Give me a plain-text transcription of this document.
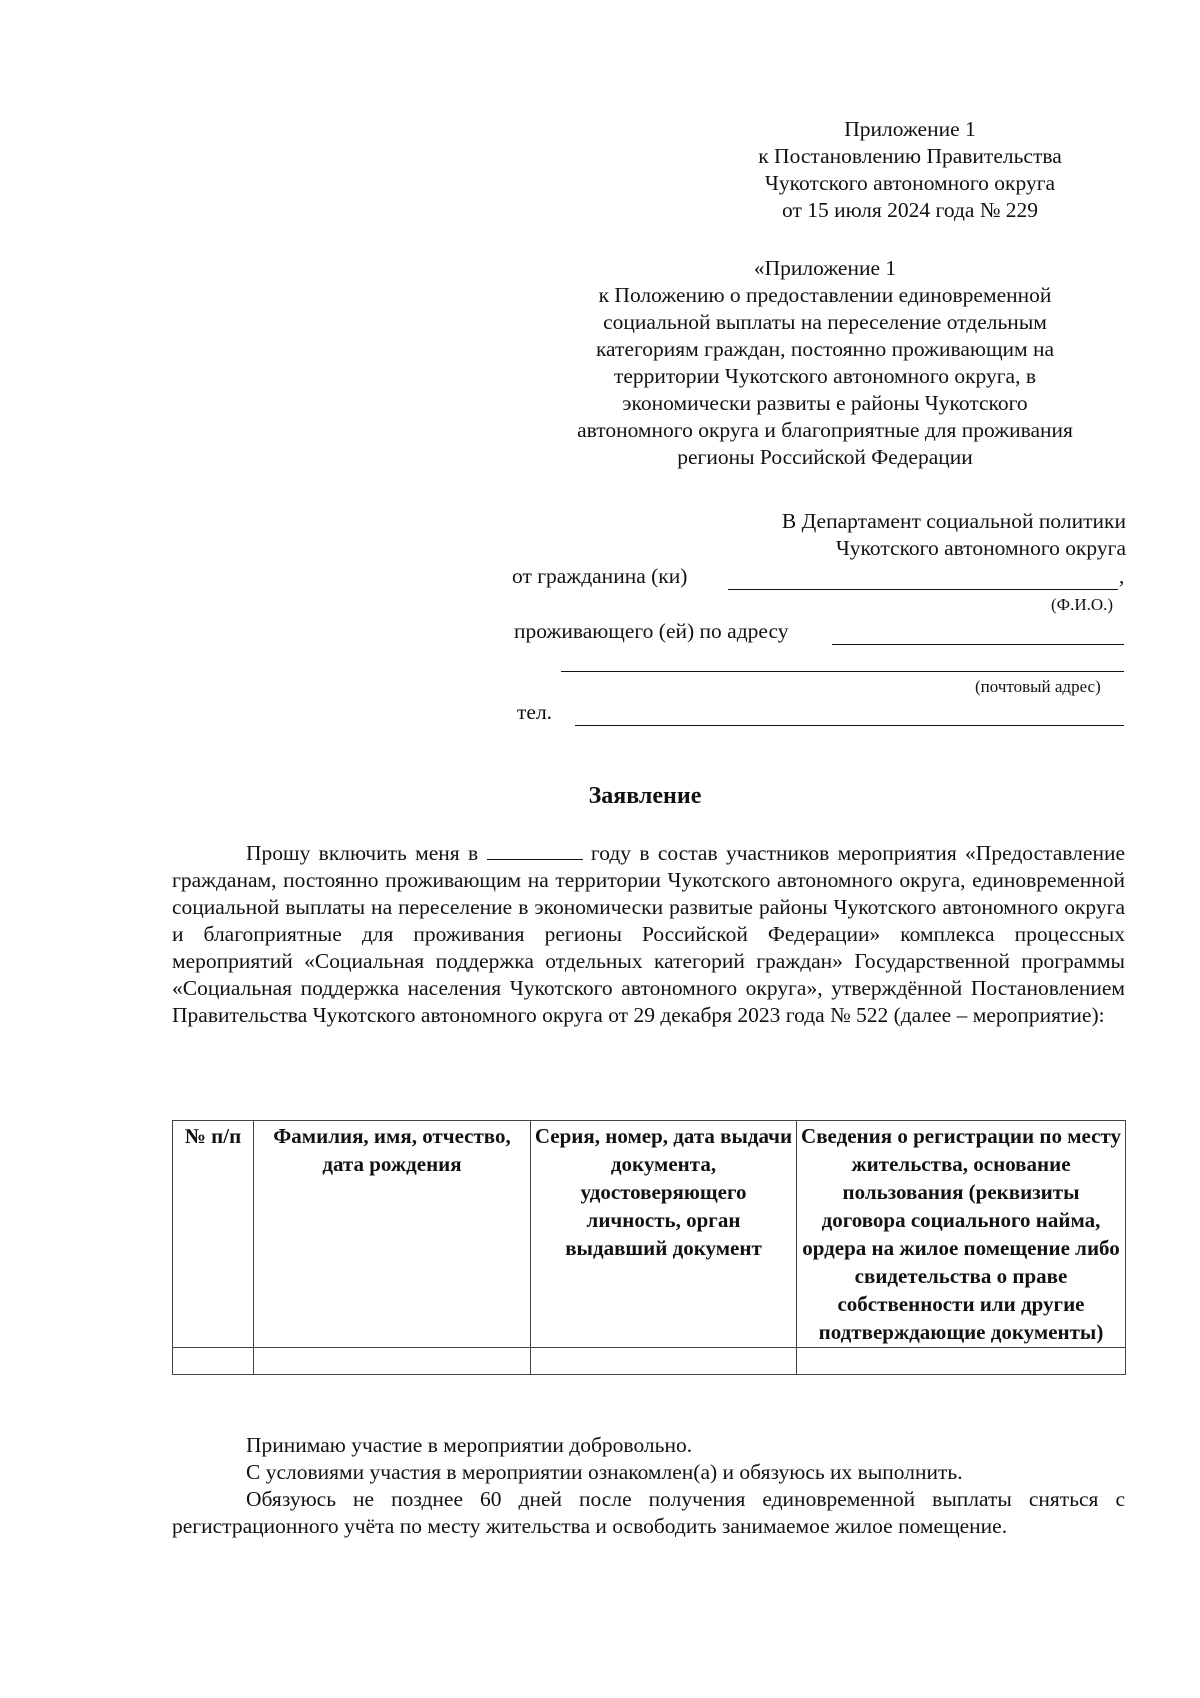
Приложение 1
к Постановлению Правительства
Чукотского автономного округа
от 15 июля 2024 года № 229
«Приложение 1
к Положению о предоставлении единовременной
социальной выплаты на переселение отдельным
категориям граждан, постоянно проживающим на
территории Чукотского автономного округа, в
экономически развиты е районы Чукотского
автономного округа и благоприятные для проживания
регионы Российской Федерации
В Департамент социальной политики
Чукотского автономного округа
от гражданина (ки)	,
(Ф.И.О.)
проживающего (ей) по адресу
(почтовый адрес)
тел.
Заявление

Прошу включить меня в	году в состав участников мероприятия «Предоставление гражданам, постоянно проживающим на территории Чукотского автономного округа, единовременной социальной выплаты на переселение в экономически развитые районы Чукотского автономного округа и благоприятные для проживания регионы Российской Федерации» комплекса процессных мероприятий «Социальная поддержка отдельных категорий граждан» Государственной программы «Социальная поддержка населения Чукотского автономного округа», утверждённой Постановлением Правительства Чукотского автономного округа от 29 декабря 2023 года № 522 (далее – мероприятие):

№ п/п	Фамилия, имя, отчество, дата рождения	Серия, номер, дата выдачи документа, удостоверяющего личность, орган выдавший документ	Сведения о регистрации по месту жительства, основание пользования (реквизиты договора социального найма, ордера на жилое помещение либо свидетельства о праве собственности или другие подтверждающие документы)

Принимаю участие в мероприятии добровольно.

С условиями участия в мероприятии ознакомлен(а) и обязуюсь их выполнить.

Обязуюсь не позднее 60 дней после получения единовременной выплаты сняться с регистрационного учёта по месту жительства и освободить занимаемое жилое помещение.
